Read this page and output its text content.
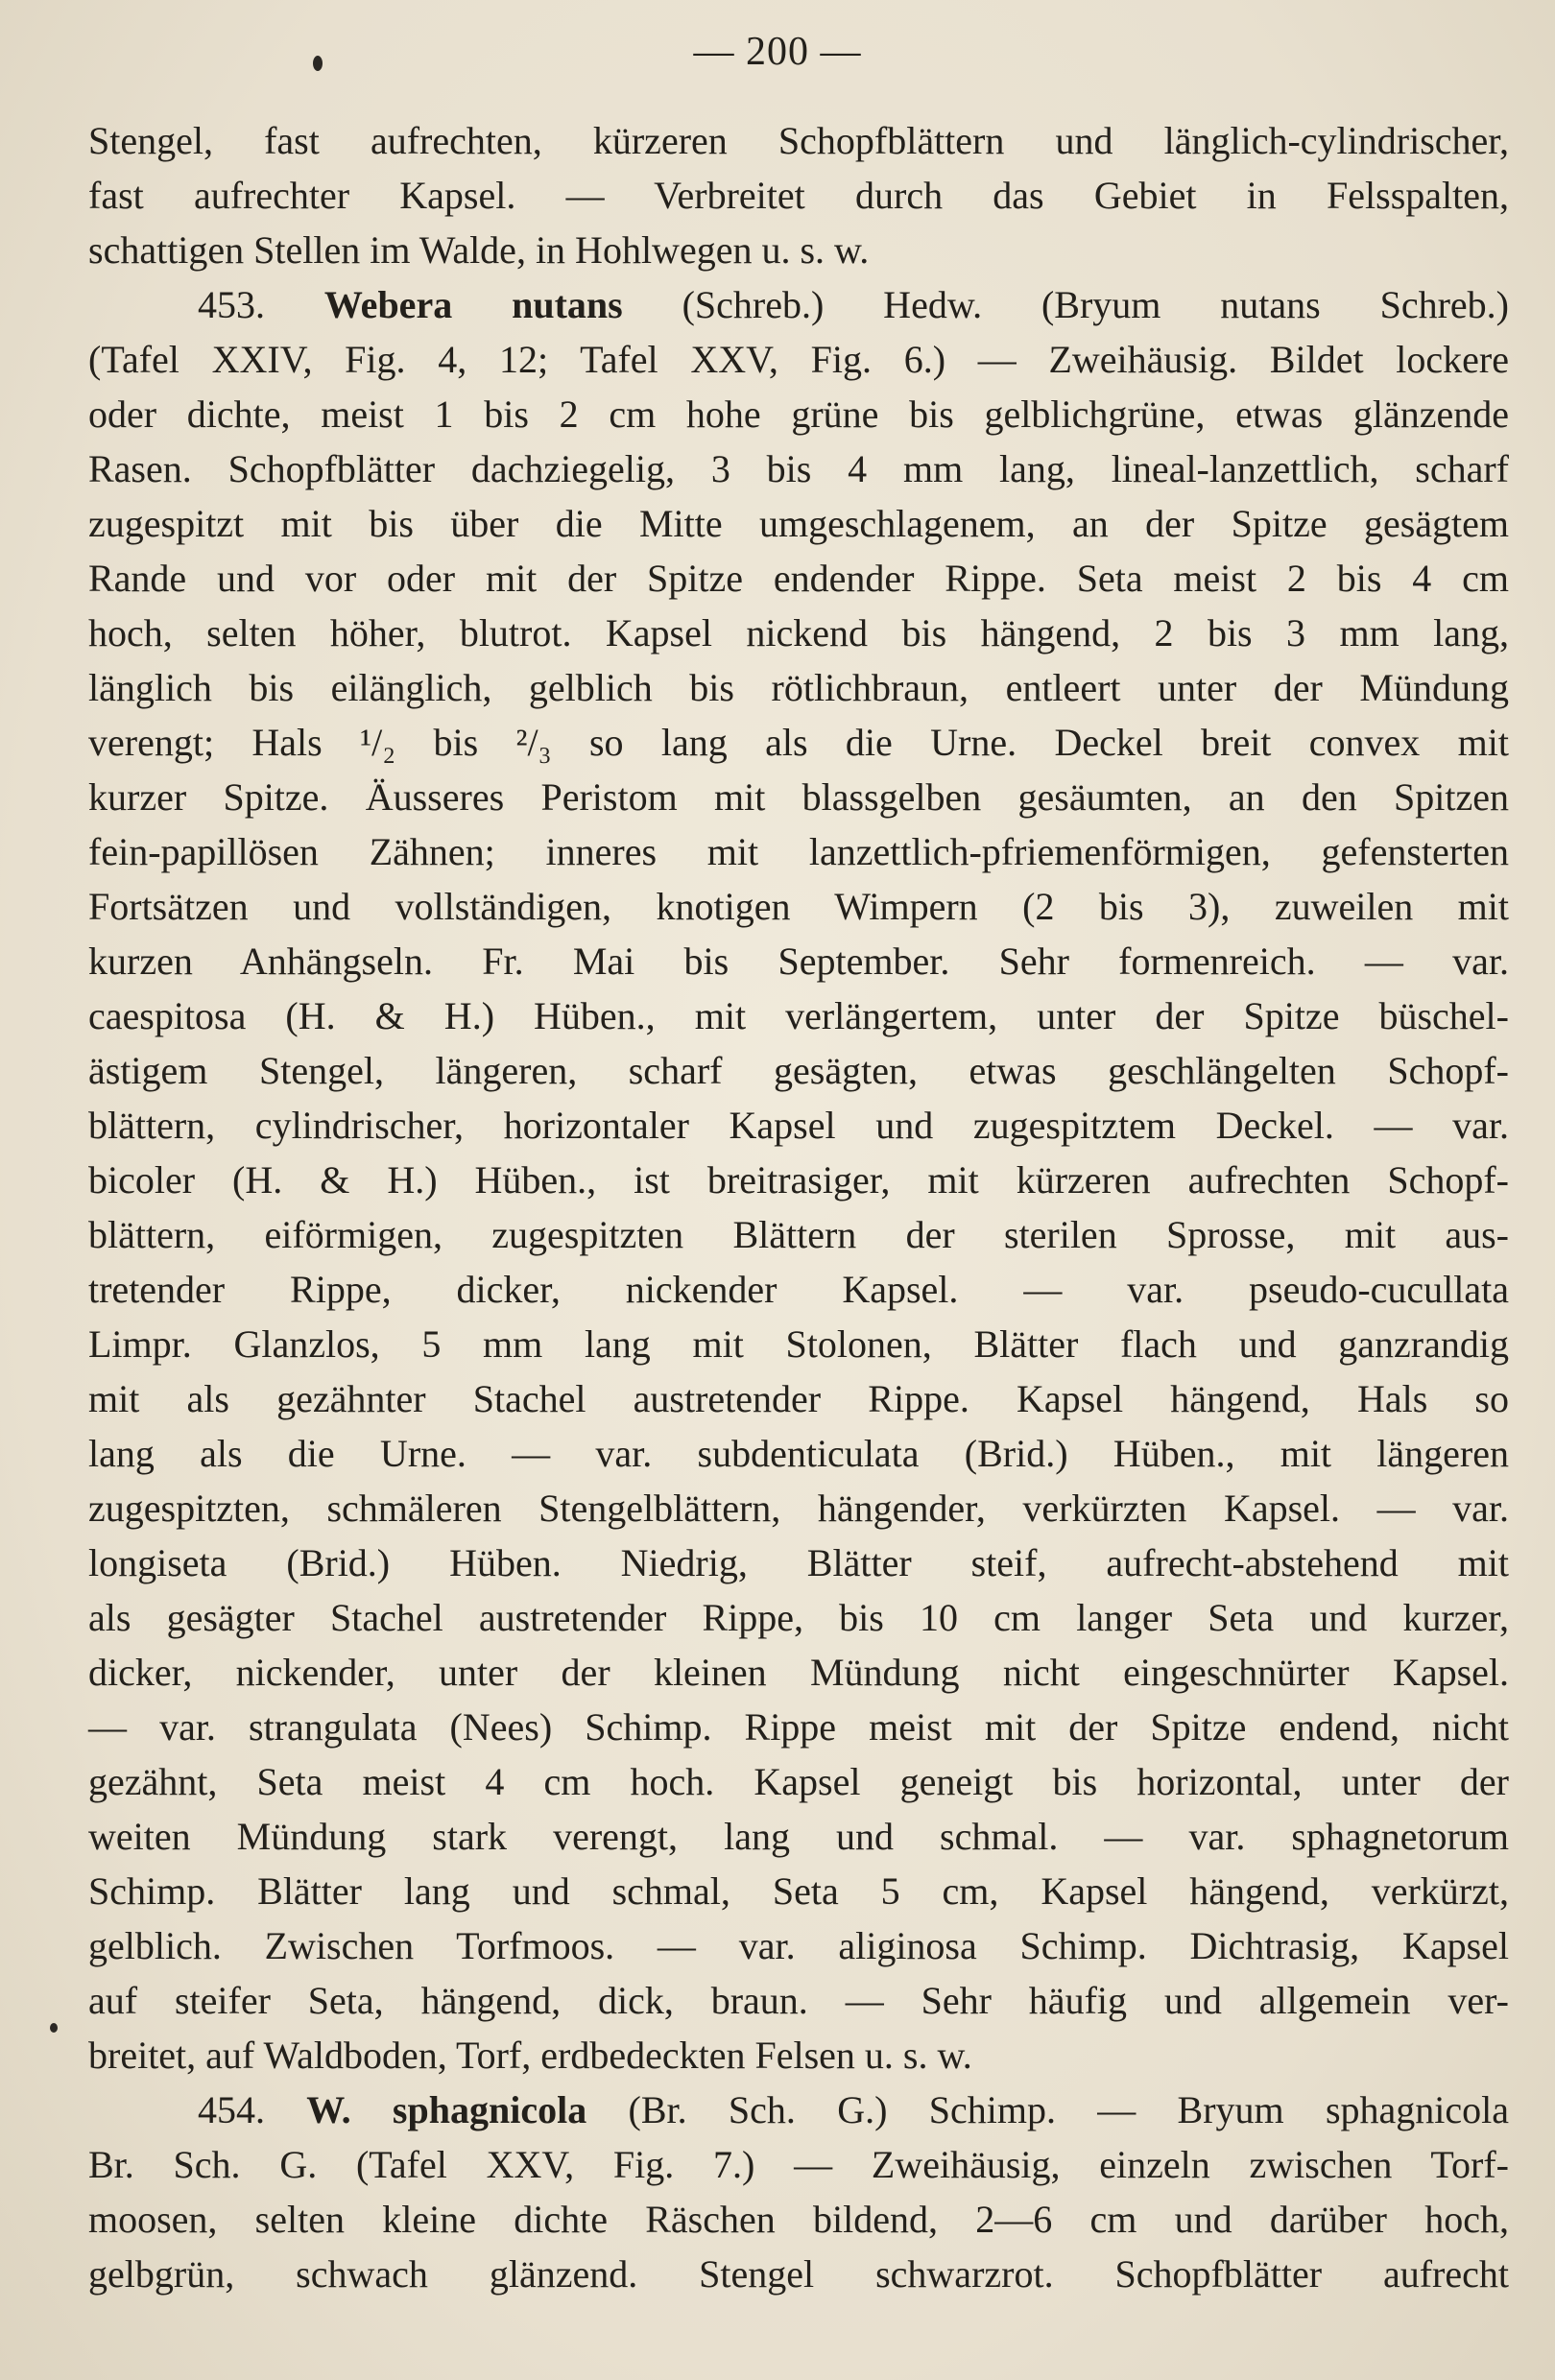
— 200 —
Stengel, fast aufrechten, kürzeren Schopfblättern und länglich-cylindrischer,
fast aufrechter Kapsel. — Verbreitet durch das Gebiet in Felsspalten,
schattigen Stellen im Walde, in Hohlwegen u. s. w.
453. Webera nutans (Schreb.) Hedw. (Bryum nutans Schreb.)
(Tafel XXIV, Fig. 4, 12; Tafel XXV, Fig. 6.) — Zweihäusig. Bildet lockere
oder dichte, meist 1 bis 2 cm hohe grüne bis gelblichgrüne, etwas glänzende
Rasen. Schopfblätter dachziegelig, 3 bis 4 mm lang, lineal-lanzettlich, scharf
zugespitzt mit bis über die Mitte umgeschlagenem, an der Spitze gesägtem
Rande und vor oder mit der Spitze endender Rippe. Seta meist 2 bis 4 cm
hoch, selten höher, blutrot. Kapsel nickend bis hängend, 2 bis 3 mm lang,
länglich bis eilänglich, gelblich bis rötlichbraun, entleert unter der Mündung
verengt; Hals ¹/₂ bis ²/₃ so lang als die Urne. Deckel breit convex mit
kurzer Spitze. Äusseres Peristom mit blassgelben gesäumten, an den Spitzen
fein-papillösen Zähnen; inneres mit lanzettlich-pfriemenförmigen, gefensterten
Fortsätzen und vollständigen, knotigen Wimpern (2 bis 3), zuweilen mit
kurzen Anhängseln. Fr. Mai bis September. Sehr formenreich. — var.
caespitosa (H. & H.) Hüben., mit verlängertem, unter der Spitze büschel-
ästigem Stengel, längeren, scharf gesägten, etwas geschlängelten Schopf-
blättern, cylindrischer, horizontaler Kapsel und zugespitztem Deckel. — var.
bicoler (H. & H.) Hüben., ist breitrasiger, mit kürzeren aufrechten Schopf-
blättern, eiförmigen, zugespitzten Blättern der sterilen Sprosse, mit aus-
tretender Rippe, dicker, nickender Kapsel. — var. pseudo-cucullata
Limpr. Glanzlos, 5 mm lang mit Stolonen, Blätter flach und ganzrandig
mit als gezähnter Stachel austretender Rippe. Kapsel hängend, Hals so
lang als die Urne. — var. subdenticulata (Brid.) Hüben., mit längeren
zugespitzten, schmäleren Stengelblättern, hängender, verkürzten Kapsel. — var.
longiseta (Brid.) Hüben. Niedrig, Blätter steif, aufrecht-abstehend mit
als gesägter Stachel austretender Rippe, bis 10 cm langer Seta und kurzer,
dicker, nickender, unter der kleinen Mündung nicht eingeschnürter Kapsel.
— var. strangulata (Nees) Schimp. Rippe meist mit der Spitze endend, nicht
gezähnt, Seta meist 4 cm hoch. Kapsel geneigt bis horizontal, unter der
weiten Mündung stark verengt, lang und schmal. — var. sphagnetorum
Schimp. Blätter lang und schmal, Seta 5 cm, Kapsel hängend, verkürzt,
gelblich. Zwischen Torfmoos. — var. aliginosa Schimp. Dichtrasig, Kapsel
auf steifer Seta, hängend, dick, braun. — Sehr häufig und allgemein ver-
breitet, auf Waldboden, Torf, erdbedeckten Felsen u. s. w.
454. W. sphagnicola (Br. Sch. G.) Schimp. — Bryum sphagnicola
Br. Sch. G. (Tafel XXV, Fig. 7.) — Zweihäusig, einzeln zwischen Torf-
moosen, selten kleine dichte Räschen bildend, 2—6 cm und darüber hoch,
gelbgrün, schwach glänzend. Stengel schwarzrot. Schopfblätter aufrecht
